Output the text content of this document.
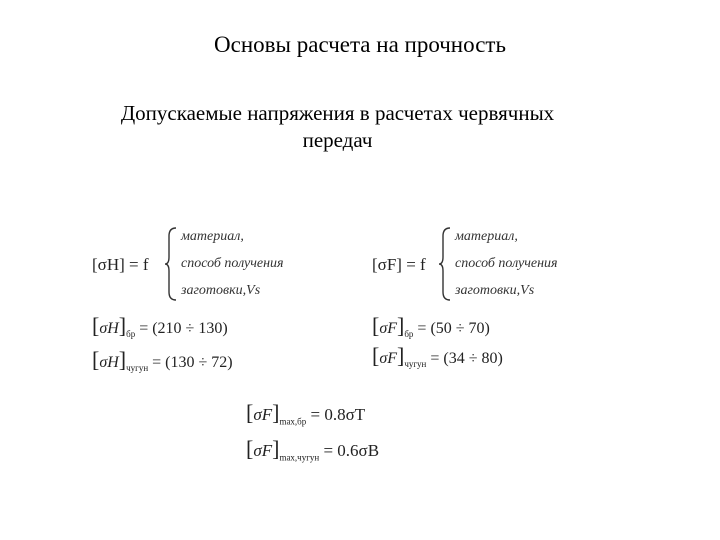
Основы расчета на прочность
Допускаемые напряжения в расчетах червячных
передач
[σH] = f
материал,
способ получения
заготовки,Vs
[σF] = f
материал,
способ получения
заготовки,Vs
$[\sigma H]_{бр} = (210 \div 130)$
$[\sigma H]_{чугун} = (130 \div 72)$
$[\sigma F]_{бр} = (50 \div 70)$
$[\sigma F]_{чугун} = (34 \div 80)$
$[\sigma F]_{max,бр} = 0.8\sigma T$
$[\sigma F]_{max,чугун} = 0.6\sigma B$
